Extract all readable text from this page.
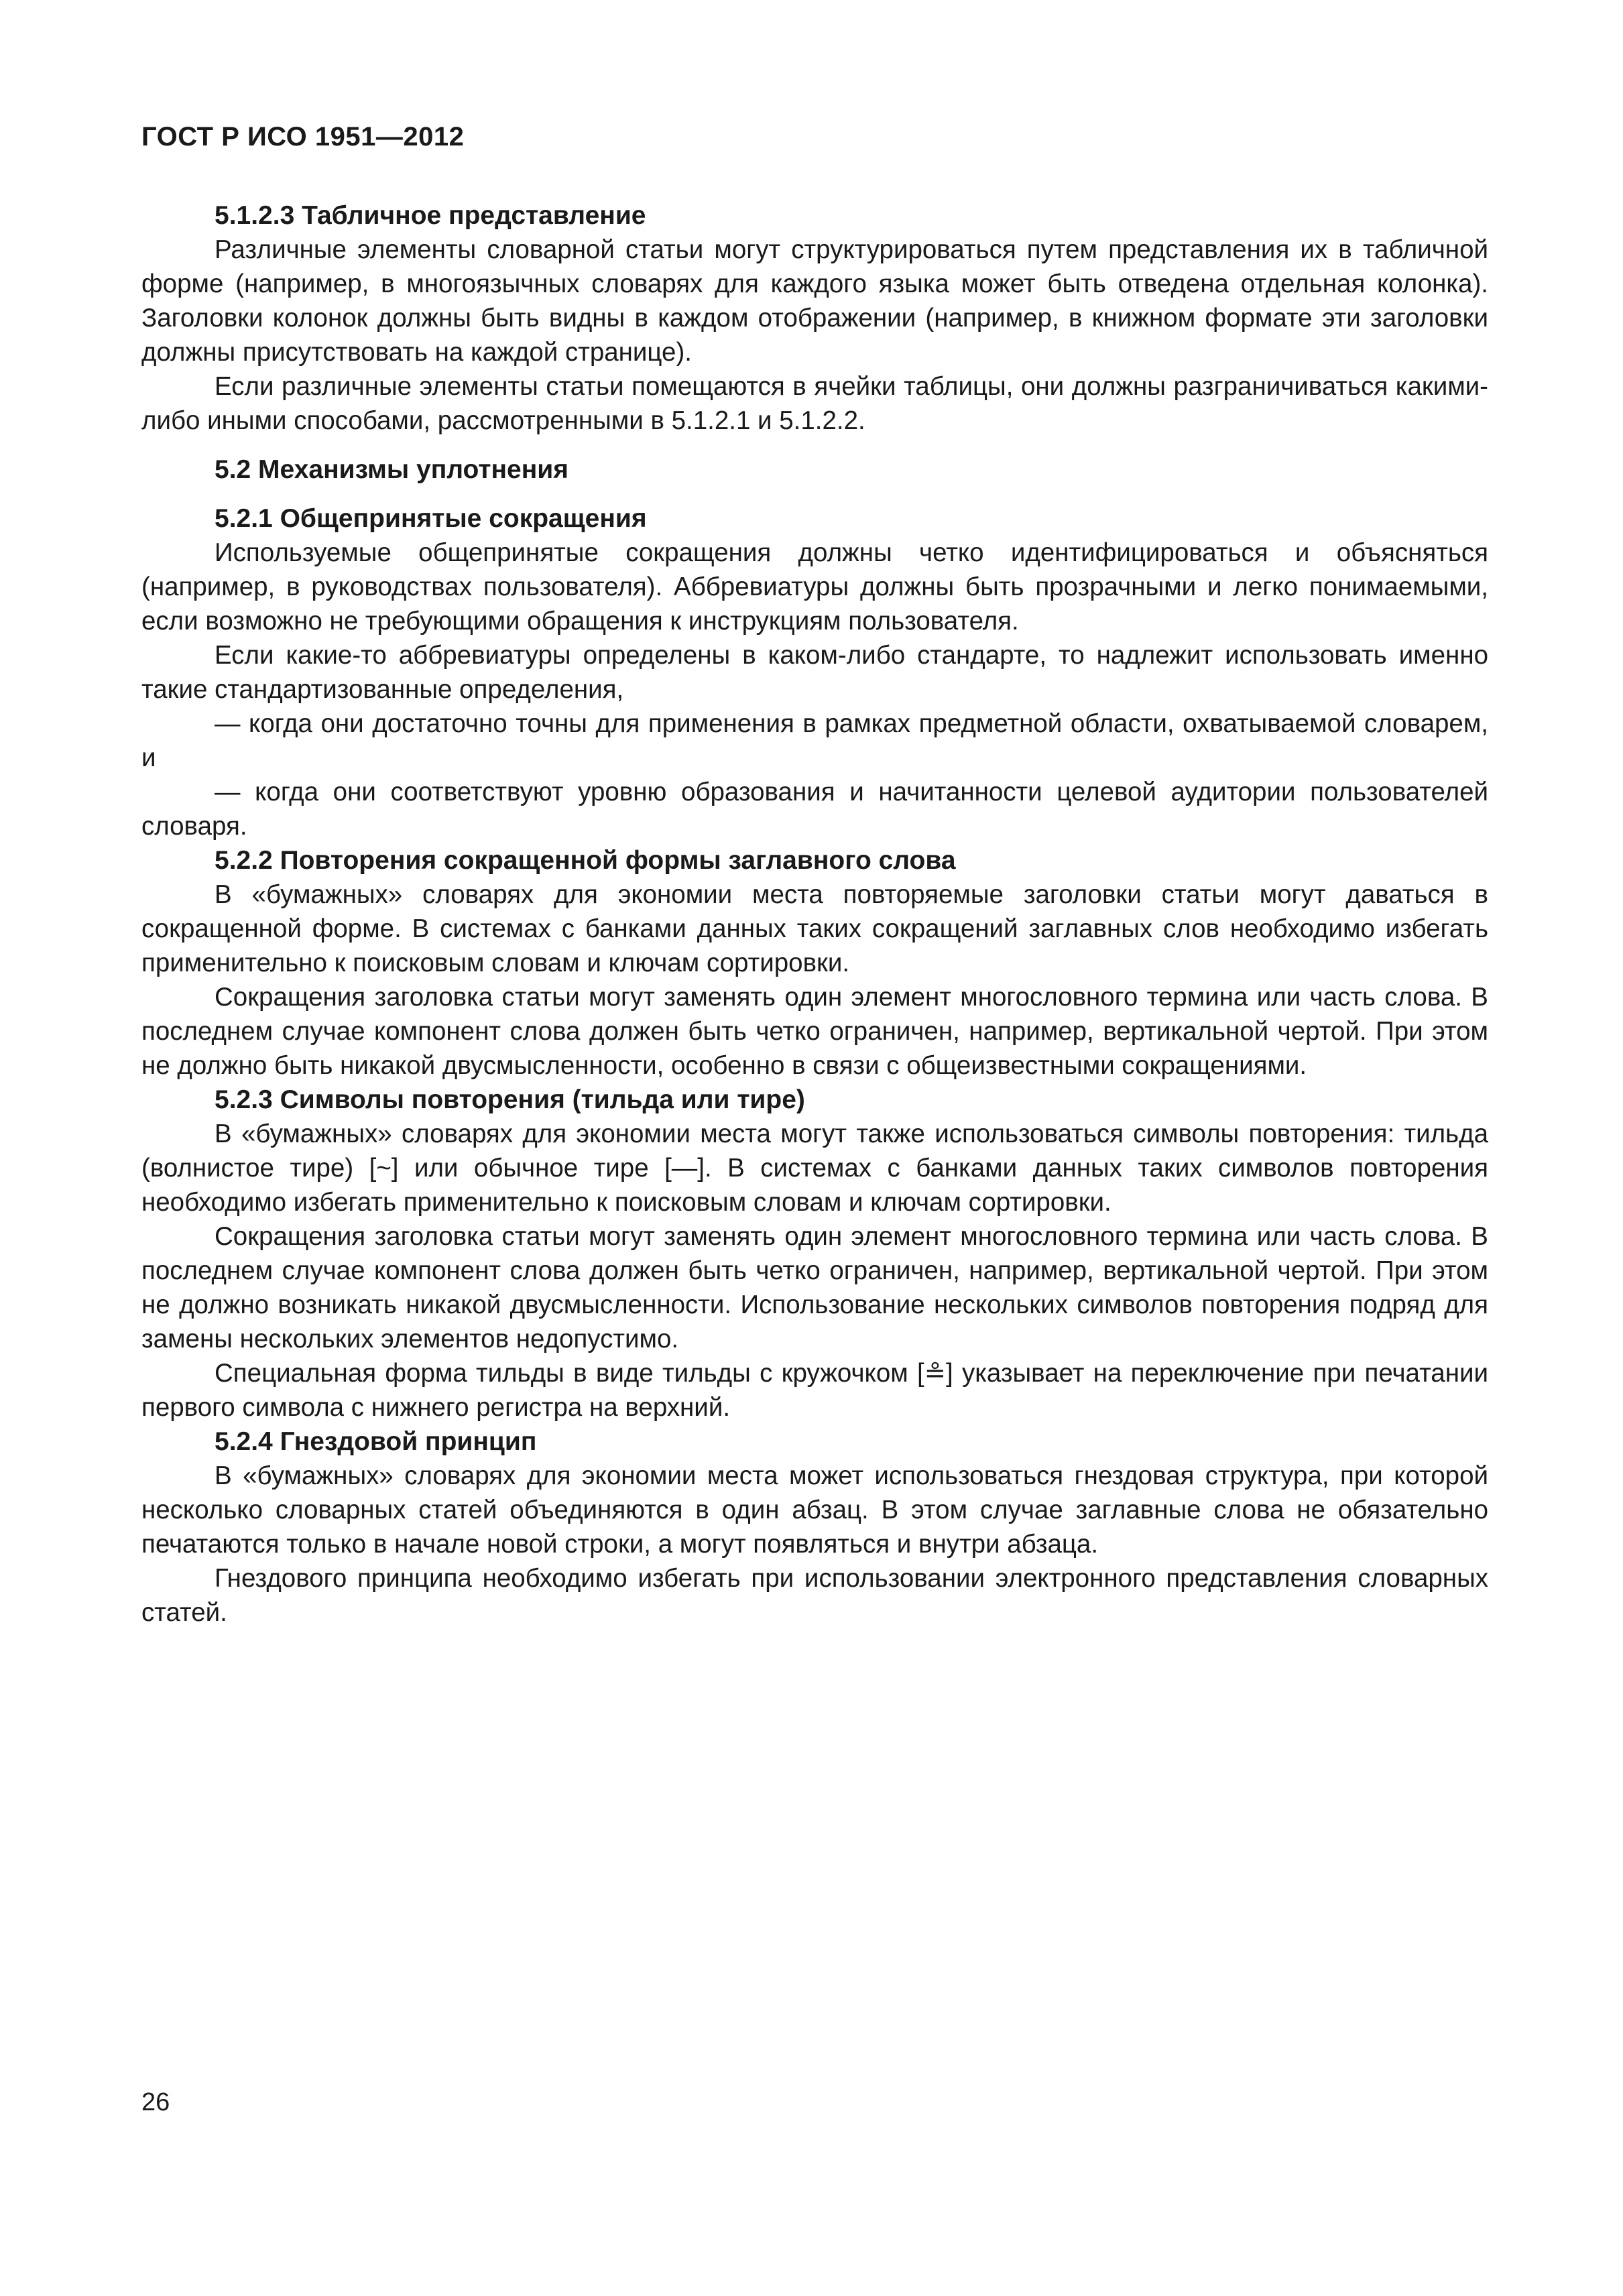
ГОСТ Р ИСО 1951—2012
5.1.2.3 Табличное представление

Различные элементы словарной статьи могут структурироваться путем представления их в табличной форме (например, в многоязычных словарях для каждого языка может быть отведена отдельная колонка). Заголовки колонок должны быть видны в каждом отображении (например, в книжном формате эти заголовки должны присутствовать на каждой странице).

Если различные элементы статьи помещаются в ячейки таблицы, они должны разграничиваться какими-либо иными способами, рассмотренными в 5.1.2.1 и 5.1.2.2.

5.2 Механизмы уплотнения
5.2.1 Общепринятые сокращения

Используемые общепринятые сокращения должны четко идентифицироваться и объясняться (например, в руководствах пользователя). Аббревиатуры должны быть прозрачными и легко понимаемыми, если возможно не требующими обращения к инструкциям пользователя.

Если какие-то аббревиатуры определены в каком-либо стандарте, то надлежит использовать именно такие стандартизованные определения,

— когда они достаточно точны для применения в рамках предметной области, охватываемой словарем, и

— когда они соответствуют уровню образования и начитанности целевой аудитории пользователей словаря.

5.2.2 Повторения сокращенной формы заглавного слова

В «бумажных» словарях для экономии места повторяемые заголовки статьи могут даваться в сокращенной форме. В системах с банками данных таких сокращений заглавных слов необходимо избегать применительно к поисковым словам и ключам сортировки.

Сокращения заголовка статьи могут заменять один элемент многословного термина или часть слова. В последнем случае компонент слова должен быть четко ограничен, например, вертикальной чертой. При этом не должно быть никакой двусмысленности, особенно в связи с общеизвестными сокращениями.

5.2.3 Символы повторения (тильда или тире)

В «бумажных» словарях для экономии места могут также использоваться символы повторения: тильда (волнистое тире) [~] или обычное тире [—]. В системах с банками данных таких символов повторения необходимо избегать применительно к поисковым словам и ключам сортировки.

Сокращения заголовка статьи могут заменять один элемент многословного термина или часть слова. В последнем случае компонент слова должен быть четко ограничен, например, вертикальной чертой. При этом не должно возникать никакой двусмысленности. Использование нескольких символов повторения подряд для замены нескольких элементов недопустимо.

Специальная форма тильды в виде тильды с кружочком [≗] указывает на переключение при печатании первого символа с нижнего регистра на верхний.

5.2.4 Гнездовой принцип

В «бумажных» словарях для экономии места может использоваться гнездовая структура, при которой несколько словарных статей объединяются в один абзац. В этом случае заглавные слова не обязательно печатаются только в начале новой строки, а могут появляться и внутри абзаца.

Гнездового принципа необходимо избегать при использовании электронного представления словарных статей.

26
